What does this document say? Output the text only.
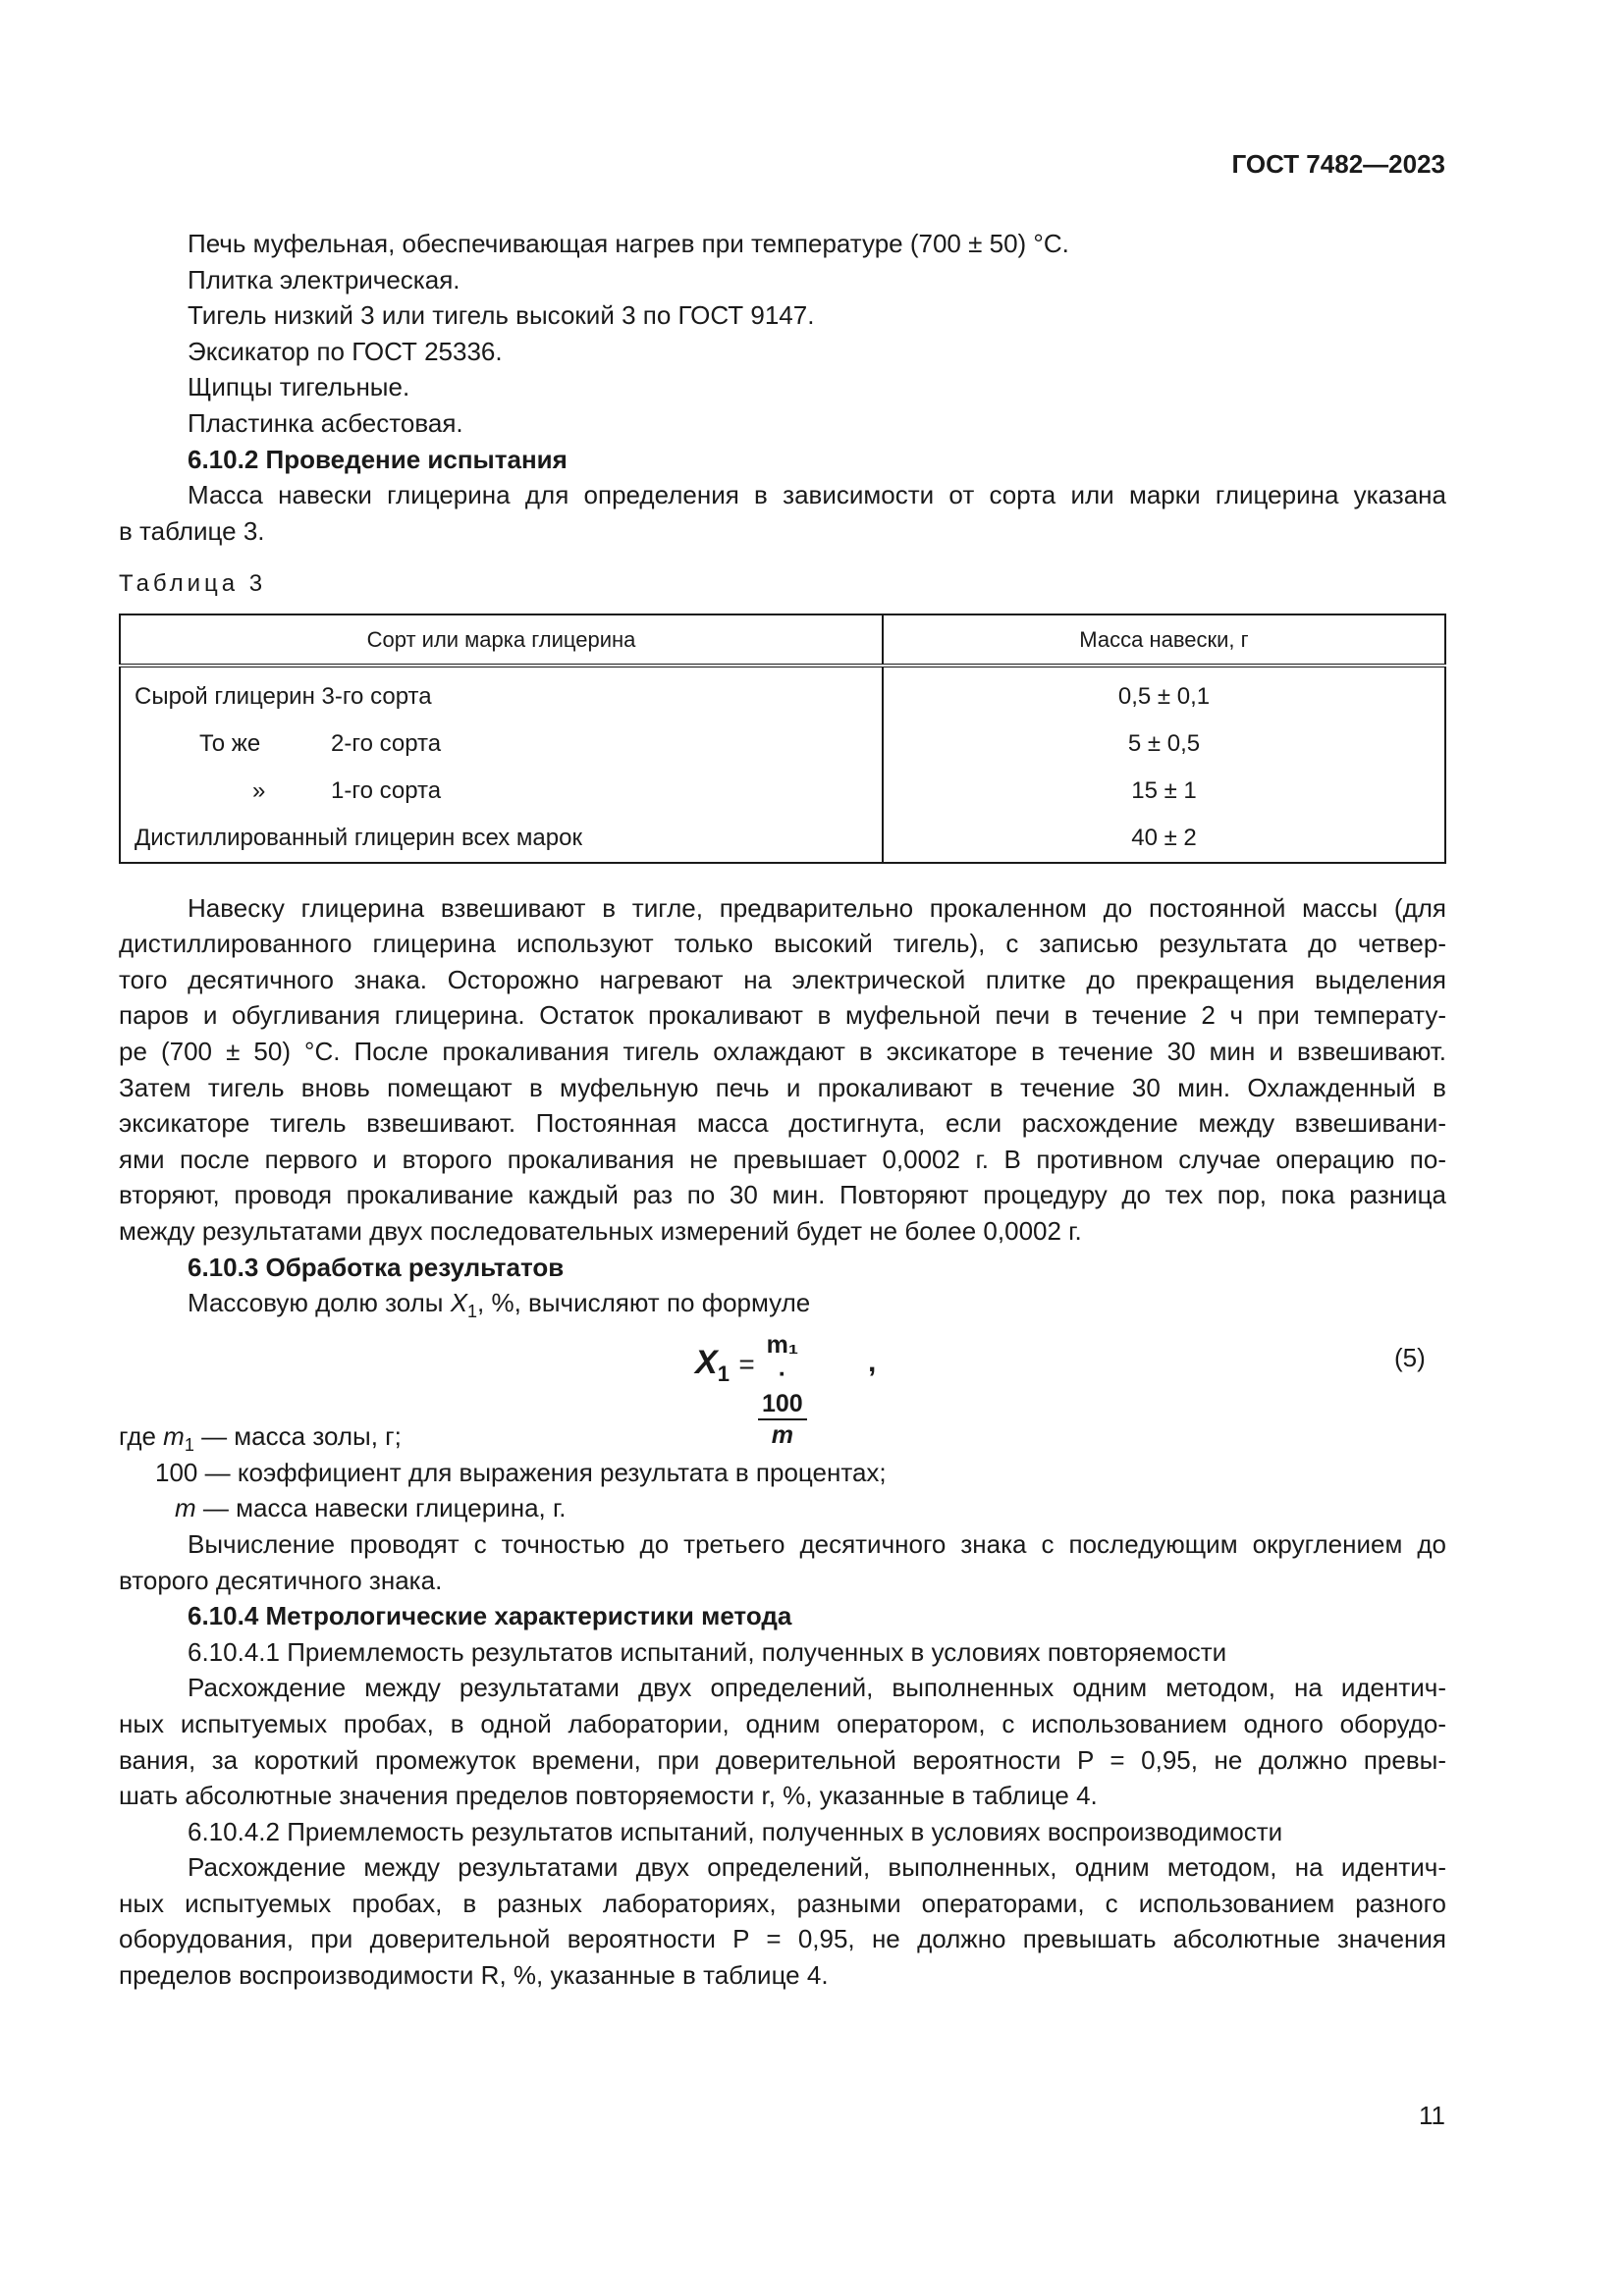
ГОСТ 7482—2023
Печь муфельная, обеспечивающая нагрев при температуре (700 ± 50) °С.
Плитка электрическая.
Тигель низкий 3 или тигель высокий 3 по ГОСТ 9147.
Эксикатор по ГОСТ 25336.
Щипцы тигельные.
Пластинка асбестовая.
6.10.2 Проведение испытания
Масса навески глицерина для определения в зависимости от сорта или марки глицерина указана
в таблице 3.
Таблица 3
Сорт или марка глицерина	Масса навески, г
Сырой глицерин 3-го сорта	0,5 ± 0,1
То же 2-го сорта	5 ± 0,5
» 1-го сорта	15 ± 1
Дистиллированный глицерин всех марок	40 ± 2
Навеску глицерина взвешивают в тигле, предварительно прокаленном до постоянной массы (для
дистиллированного глицерина используют только высокий тигель), с записью результата до четвер-
того десятичного знака. Осторожно нагревают на электрической плитке до прекращения выделения
паров и обугливания глицерина. Остаток прокаливают в муфельной печи в течение 2 ч при температу-
ре (700 ± 50) °С. После прокаливания тигель охлаждают в эксикаторе в течение 30 мин и взвешивают.
Затем тигель вновь помещают в муфельную печь и прокаливают в течение 30 мин. Охлажденный в
эксикаторе тигель взвешивают. Постоянная масса достигнута, если расхождение между взвешивани-
ями после первого и второго прокаливания не превышает 0,0002 г. В противном случае операцию по-
вторяют, проводя прокаливание каждый раз по 30 мин. Повторяют процедуру до тех пор, пока разница
между результатами двух последовательных измерений будет не более 0,0002 г.
6.10.3 Обработка результатов
Массовую долю золы $X_1$, %, вычисляют по формуле
$X_1 = \frac{\text{m₁ · 100}}{m}$ ,	(5)
где $m_1$ — масса золы, г;
100 — коэффициент для выражения результата в процентах;
m — масса навески глицерина, г.
Вычисление проводят с точностью до третьего десятичного знака с последующим округлением до
второго десятичного знака.
6.10.4 Метрологические характеристики метода
6.10.4.1 Приемлемость результатов испытаний, полученных в условиях повторяемости
Расхождение между результатами двух определений, выполненных одним методом, на идентич-
ных испытуемых пробах, в одной лаборатории, одним оператором, с использованием одного оборудо-
вания, за короткий промежуток времени, при доверительной вероятности P = 0,95, не должно превы-
шать абсолютные значения пределов повторяемости r, %, указанные в таблице 4.
6.10.4.2 Приемлемость результатов испытаний, полученных в условиях воспроизводимости
Расхождение между результатами двух определений, выполненных, одним методом, на идентич-
ных испытуемых пробах, в разных лабораториях, разными операторами, с использованием разного
оборудования, при доверительной вероятности P = 0,95, не должно превышать абсолютные значения
пределов воспроизводимости R, %, указанные в таблице 4.
11
